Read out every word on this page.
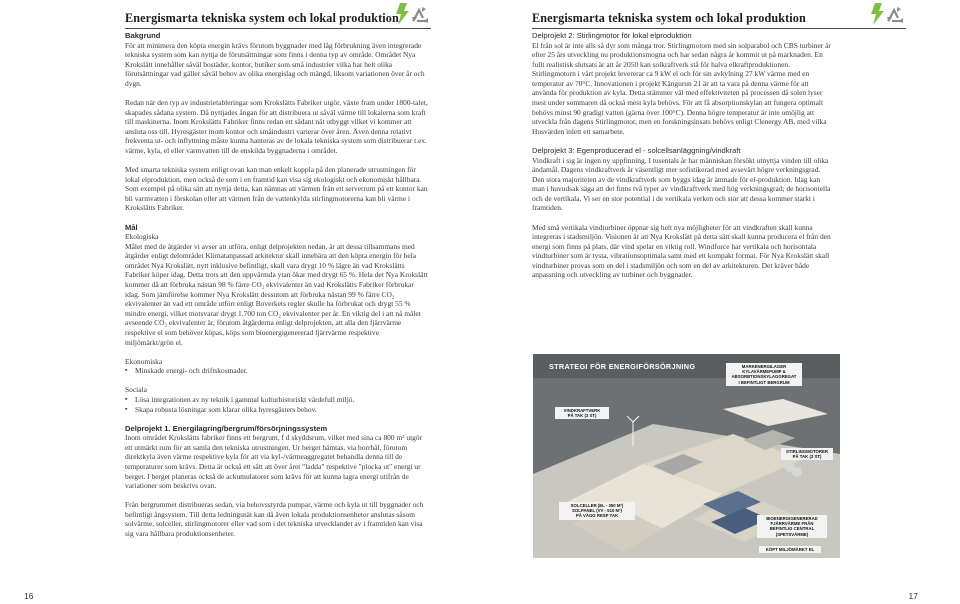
Energismarta tekniska system och lokal produktion

Bakgrund

För att minimera den köpta energin krävs förutom byggnader med låg förbrukning även integrerade tekniska system som kan nyttja de förutsättningar som finns i denna typ av område. Området Nya Krokslätt innehåller såväl bostäder, kontor, butiker som små industrier vilka har helt olika förutsättningar vad gäller såväl behov av olika energislag och mängd, liksom variationen över år och dygn.

Redan när den typ av industrietableringar som Krokslätts Fabriker utgör, växte fram under 1800-talet, skapades sådana system. Då nyttjades ångan för att distribuera ut såväl värme till lokalerna som kraft till maskinerna. Inom Krokslätts Fabriker finns redan ett sådant nät utbyggt vilket vi kommer att ansluta oss till. Hyresgäster inom kontor och småindustri varierar över åren. Även denna relativt frekventa ut- och inflyttning måste kunna hanteras av de lokala tekniska system som distribuerar t.ex. värme, kyla, el eller varmvatten till de enskilda byggnaderna i området.

Med smarta tekniska system enligt ovan kan man enkelt koppla på den planerade utrustningen för lokal elproduktion, men också de som i en framtid kan visa sig ekologiskt och ekonomiskt hållbara. Som exempel på olika sätt att nyttja detta, kan nämnas att värmen från ett serverrum på ett kontor kan bli varmvatten i förskolan eller att värmen från de vattenkylda stirlingmotorerna kan bli värme i Krokslätts Fabriker.

Mål

Ekologiska

Målet med de åtgärder vi avser att utföra, enligt delprojekten nedan, är att dessa tillsammans med åtgärder enligt delområdet Klimatanpassad arkitektur skall innebära att den köpta energin för hela området Nya Krokslätt, nytt inklusive befintligt, skall vara drygt 10 % lägre än vad Krokslätts Fabriker köper idag. Detta trots att den uppvärmda ytan ökar med drygt 65 %. Hela det Nya Krokslätt kommer då att förbruka nästan 98 % färre CO₂ ekvivalenter än vad Krokslätts Fabriker förbrukar idag. Som jämförelse kommer Nya Krokslätt dessutom att förbruka nästan 99 % färre CO₂ ekvivalenter än vad ett område utfört enligt Boverkets regler skulle ha förbrukat och drygt 55 % mindre energi, vilket motsvarar drygt 1.700 ton CO₂ ekvivalenter per år. En viktig del i att nå målet avseende CO₂ ekvivalenter är, förutom åtgärderna enligt delprojekten, att alla den fjärrvärme respektive el som behöver köpas, köps som bioenergigenererad fjärrvärme respektive miljömärkt/grön el.

Ekonomiska

▪ Minskade energi- och driftskostnader.

Sociala

▪ Lösa integrationen av ny teknik i gammal kulturhistoriskt värdefull miljö.
▪ Skapa robusta lösningar som klarar olika hyresgästers behov.

Delprojekt 1. Energilagring/bergrum/försörjningssystem

Inom området Krokslätts fabriker finns ett bergrum, f d skyddsrum, vilket med sina ca 800 m² utgör ett utmärkt rum för att samla den tekniska utrustningen. Ur berget hämtas, via borrhål, förutom direktkyla även värme respektive kyla för att via kyl-/värmeaggregatet behandla denna till de temperaturer som krävs. Detta är också ett sätt att över året "ladda" respektive "plocka ut" energi ur berget. I berget planeras också de ackumulatorer som krävs för att kunna lagra energi utifrån de variationer som beskrivs ovan.

Från bergrummet distribueras sedan, via behovsstyrda pumpar, värme och kyla ut till byggnader och befintligt ångsystem. Till detta ledningsnät kan då även lokala produktionsenheter anslutas såsom solvärme, solceller, stirlingmotorer eller vad som i det tekniska utvecklandet av i framtiden kan visa sig vara hållbara produktionsenheter.

16
Energismarta tekniska system och lokal produktion

Delprojekt 2: Stirlingmotor för lokal elproduktion

El från sol är inte alls så dyr som många tror. Stirlingmotorn med sin solparabol och CBS turbiner är efter 25 års utveckling nu produktionsmogna och har sedan några år kommit ut på marknaden. En fullt realistisk slutsats är att år 2050 kan solkraftverk stå för halva elkraftproduktionen. Stirlingmotorn i vårt projekt levererar ca 9 kW el och för sin avkylning 27 kW värme med en temperatur av 70°C. Innovationen i projekt Kängurun 21 är att ta vara på denna värme för att använda för produktion av kyla. Detta stämmer väl med effektiviteten på processen då solen lyser mest under sommaren då också mest kyla behövs. För att få absorptionskylan att fungera optimalt behövs minst 90 gradigt vatten (gärna över 100°C). Denna högre temperatur är inte omöjlig att utveckla från dagens Stirlingmotor, men en forskningsinsats behövs enligt Clenergy AB, med vilka Husvärden inlett ett samarbete.

Delprojekt 3: Egenproducerad el - solcellsanläggning/vindkraft

Vindkraft i sig är ingen ny uppfinning. I tusentals år har människan försökt utnyttja vinden till olika ändamål. Dagens vindkraftverk är väsentligt mer sofistikerad med avsevärt högre verkningsgrad. Den stora majoriteten av de vindkraftverk som byggs idag är ämnade för el-produktion. Idag kan man i huvudsak säga att det finns två typer av vindkraftverk med hög verkningsgrad; de horisontella och de vertikala. Vi ser en stor potential i de vertikala verken och stor att dessa kommer starkt i framtiden.

Med små vertikala vindturbiner öppnar sig helt nya möjligheter för att vindkraften skall kunna integreras i stadsmiljön. Visionen är att Nya Krokslätt på detta sätt skall kunna producera el från den energi som finns på plats, där vind spelar en viktig roll. Windforce har vertikala och horisontala vindturbiner som är tysta, vibrationsoptimala samt med ett kompakt format. För Nya Krokslätt skall vindturbiner provas som en del i stadsmiljön och som en del av arkitekturen. Det kräver både anpassning och utveckling av turbiner och byggnader.

17
STRATEGI FÖR ENERGIFÖRSÖRJNING	MARKENERGILAGER
KYLAVÄRMEPUMP &
ABSORBTIONSKYLAGGREGAT
I BEFINTLIGT BERGRUM
VINDKRAFTVERK
PÅ TAK (3 ST)
STIRLINGMOTORER
PÅ TAK (3 ST)
SOLCELLER (EL - 350 M²)
SOLPANEL (VV - 510 M²)
PÅ VÄGG RESP TAK
BIOENERGIGENERERAD
FJÄRRVÄRME FRÅN
BEFINTLIG CENTRAL
(SPETSVÄRME)
KÖPT MILJÖMÄRKT EL
